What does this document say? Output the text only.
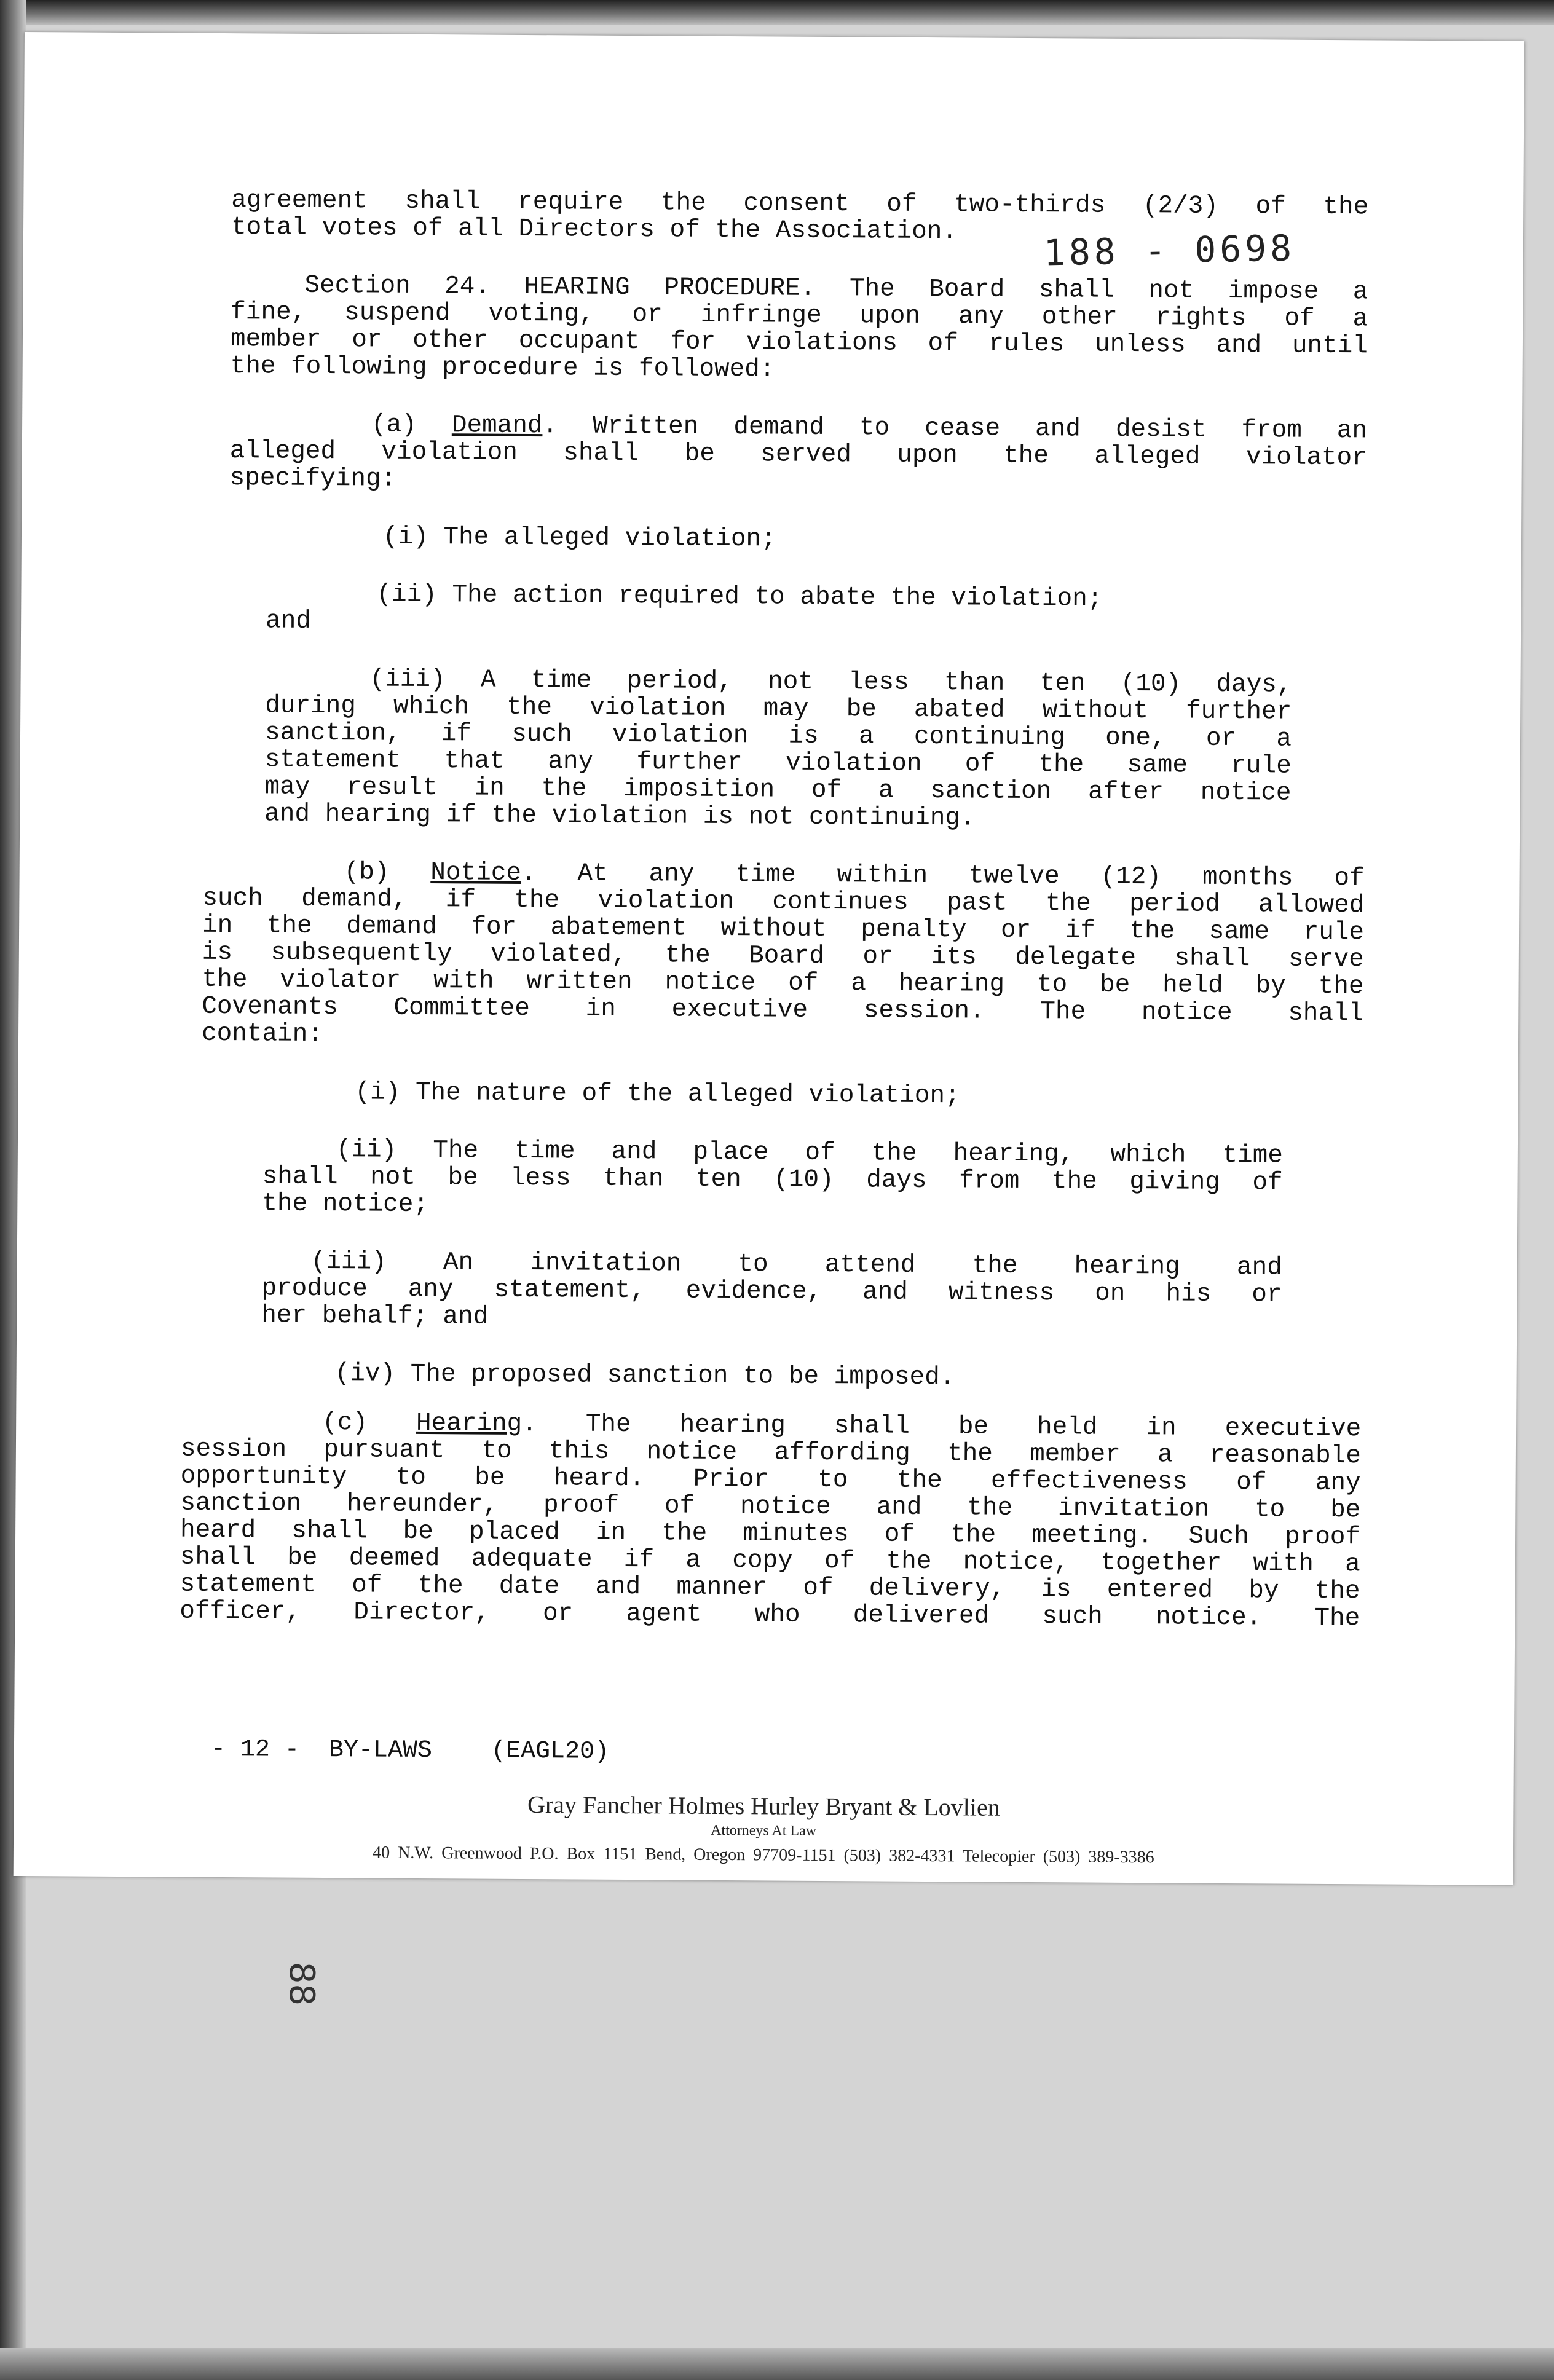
188 - 0698

agreement shall require the consent of two-thirds (2/3) of the

total votes of all Directors of the Association.

Section 24. HEARING PROCEDURE. The Board shall not impose a

fine, suspend voting, or infringe upon any other rights of a

member or other occupant for violations of rules unless and until

the following procedure is followed:

(a) Demand. Written demand to cease and desist from an

alleged violation shall be served upon the alleged violator

specifying:

(i) The alleged violation;

(ii) The action required to abate the violation;

and

(iii) A time period, not less than ten (10) days,

during which the violation may be abated without further

sanction, if such violation is a continuing one, or a

statement that any further violation of the same rule

may result in the imposition of a sanction after notice

and hearing if the violation is not continuing.

(b) Notice. At any time within twelve (12) months of

such demand, if the violation continues past the period allowed

in the demand for abatement without penalty or if the same rule

is subsequently violated, the Board or its delegate shall serve

the violator with written notice of a hearing to be held by the

Covenants Committee in executive session. The notice shall

contain:

(i) The nature of the alleged violation;

(ii) The time and place of the hearing, which time

shall not be less than ten (10) days from the giving of

the notice;

(iii) An invitation to attend the hearing and

produce any statement, evidence, and witness on his or

her behalf; and

(iv) The proposed sanction to be imposed.

(c) Hearing. The hearing shall be held in executive

session pursuant to this notice affording the member a reasonable

opportunity to be heard. Prior to the effectiveness of any

sanction hereunder, proof of notice and the invitation to be

heard shall be placed in the minutes of the meeting. Such proof

shall be deemed adequate if a copy of the notice, together with a

statement of the date and manner of delivery, is entered by the

officer, Director, or agent who delivered such notice. The

- 12 -  BY-LAWS    (EAGL20)
Gray Fancher Holmes Hurley Bryant & Lovlien
Attorneys At Law
40 N.W. Greenwood P.O. Box 1151 Bend, Oregon 97709-1151 (503) 382-4331 Telecopier (503) 389-3386
88
